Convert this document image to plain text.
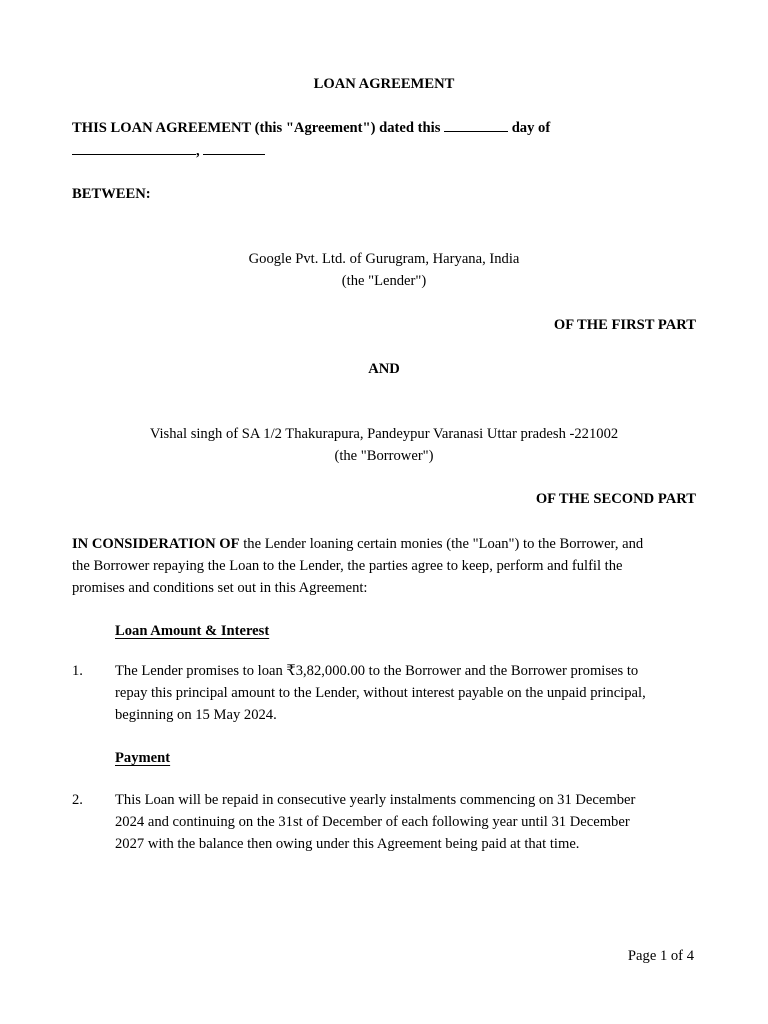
LOAN AGREEMENT
THIS LOAN AGREEMENT (this "Agreement") dated this	day of
,
BETWEEN:
Google Pvt. Ltd. of Gurugram, Haryana, India
(the "Lender")
OF THE FIRST PART
AND
Vishal singh of SA 1/2 Thakurapura, Pandeypur Varanasi Uttar pradesh -221002
(the "Borrower")
OF THE SECOND PART
IN CONSIDERATION OF the Lender loaning certain monies (the "Loan") to the Borrower, and
the Borrower repaying the Loan to the Lender, the parties agree to keep, perform and fulfil the
promises and conditions set out in this Agreement:
Loan Amount & Interest
1. The Lender promises to loan ₹3,82,000.00 to the Borrower and the Borrower promises to
repay this principal amount to the Lender, without interest payable on the unpaid principal,
beginning on 15 May 2024.
Payment
2. This Loan will be repaid in consecutive yearly instalments commencing on 31 December
2024 and continuing on the 31st of December of each following year until 31 December
2027 with the balance then owing under this Agreement being paid at that time.
Page 1 of 4
